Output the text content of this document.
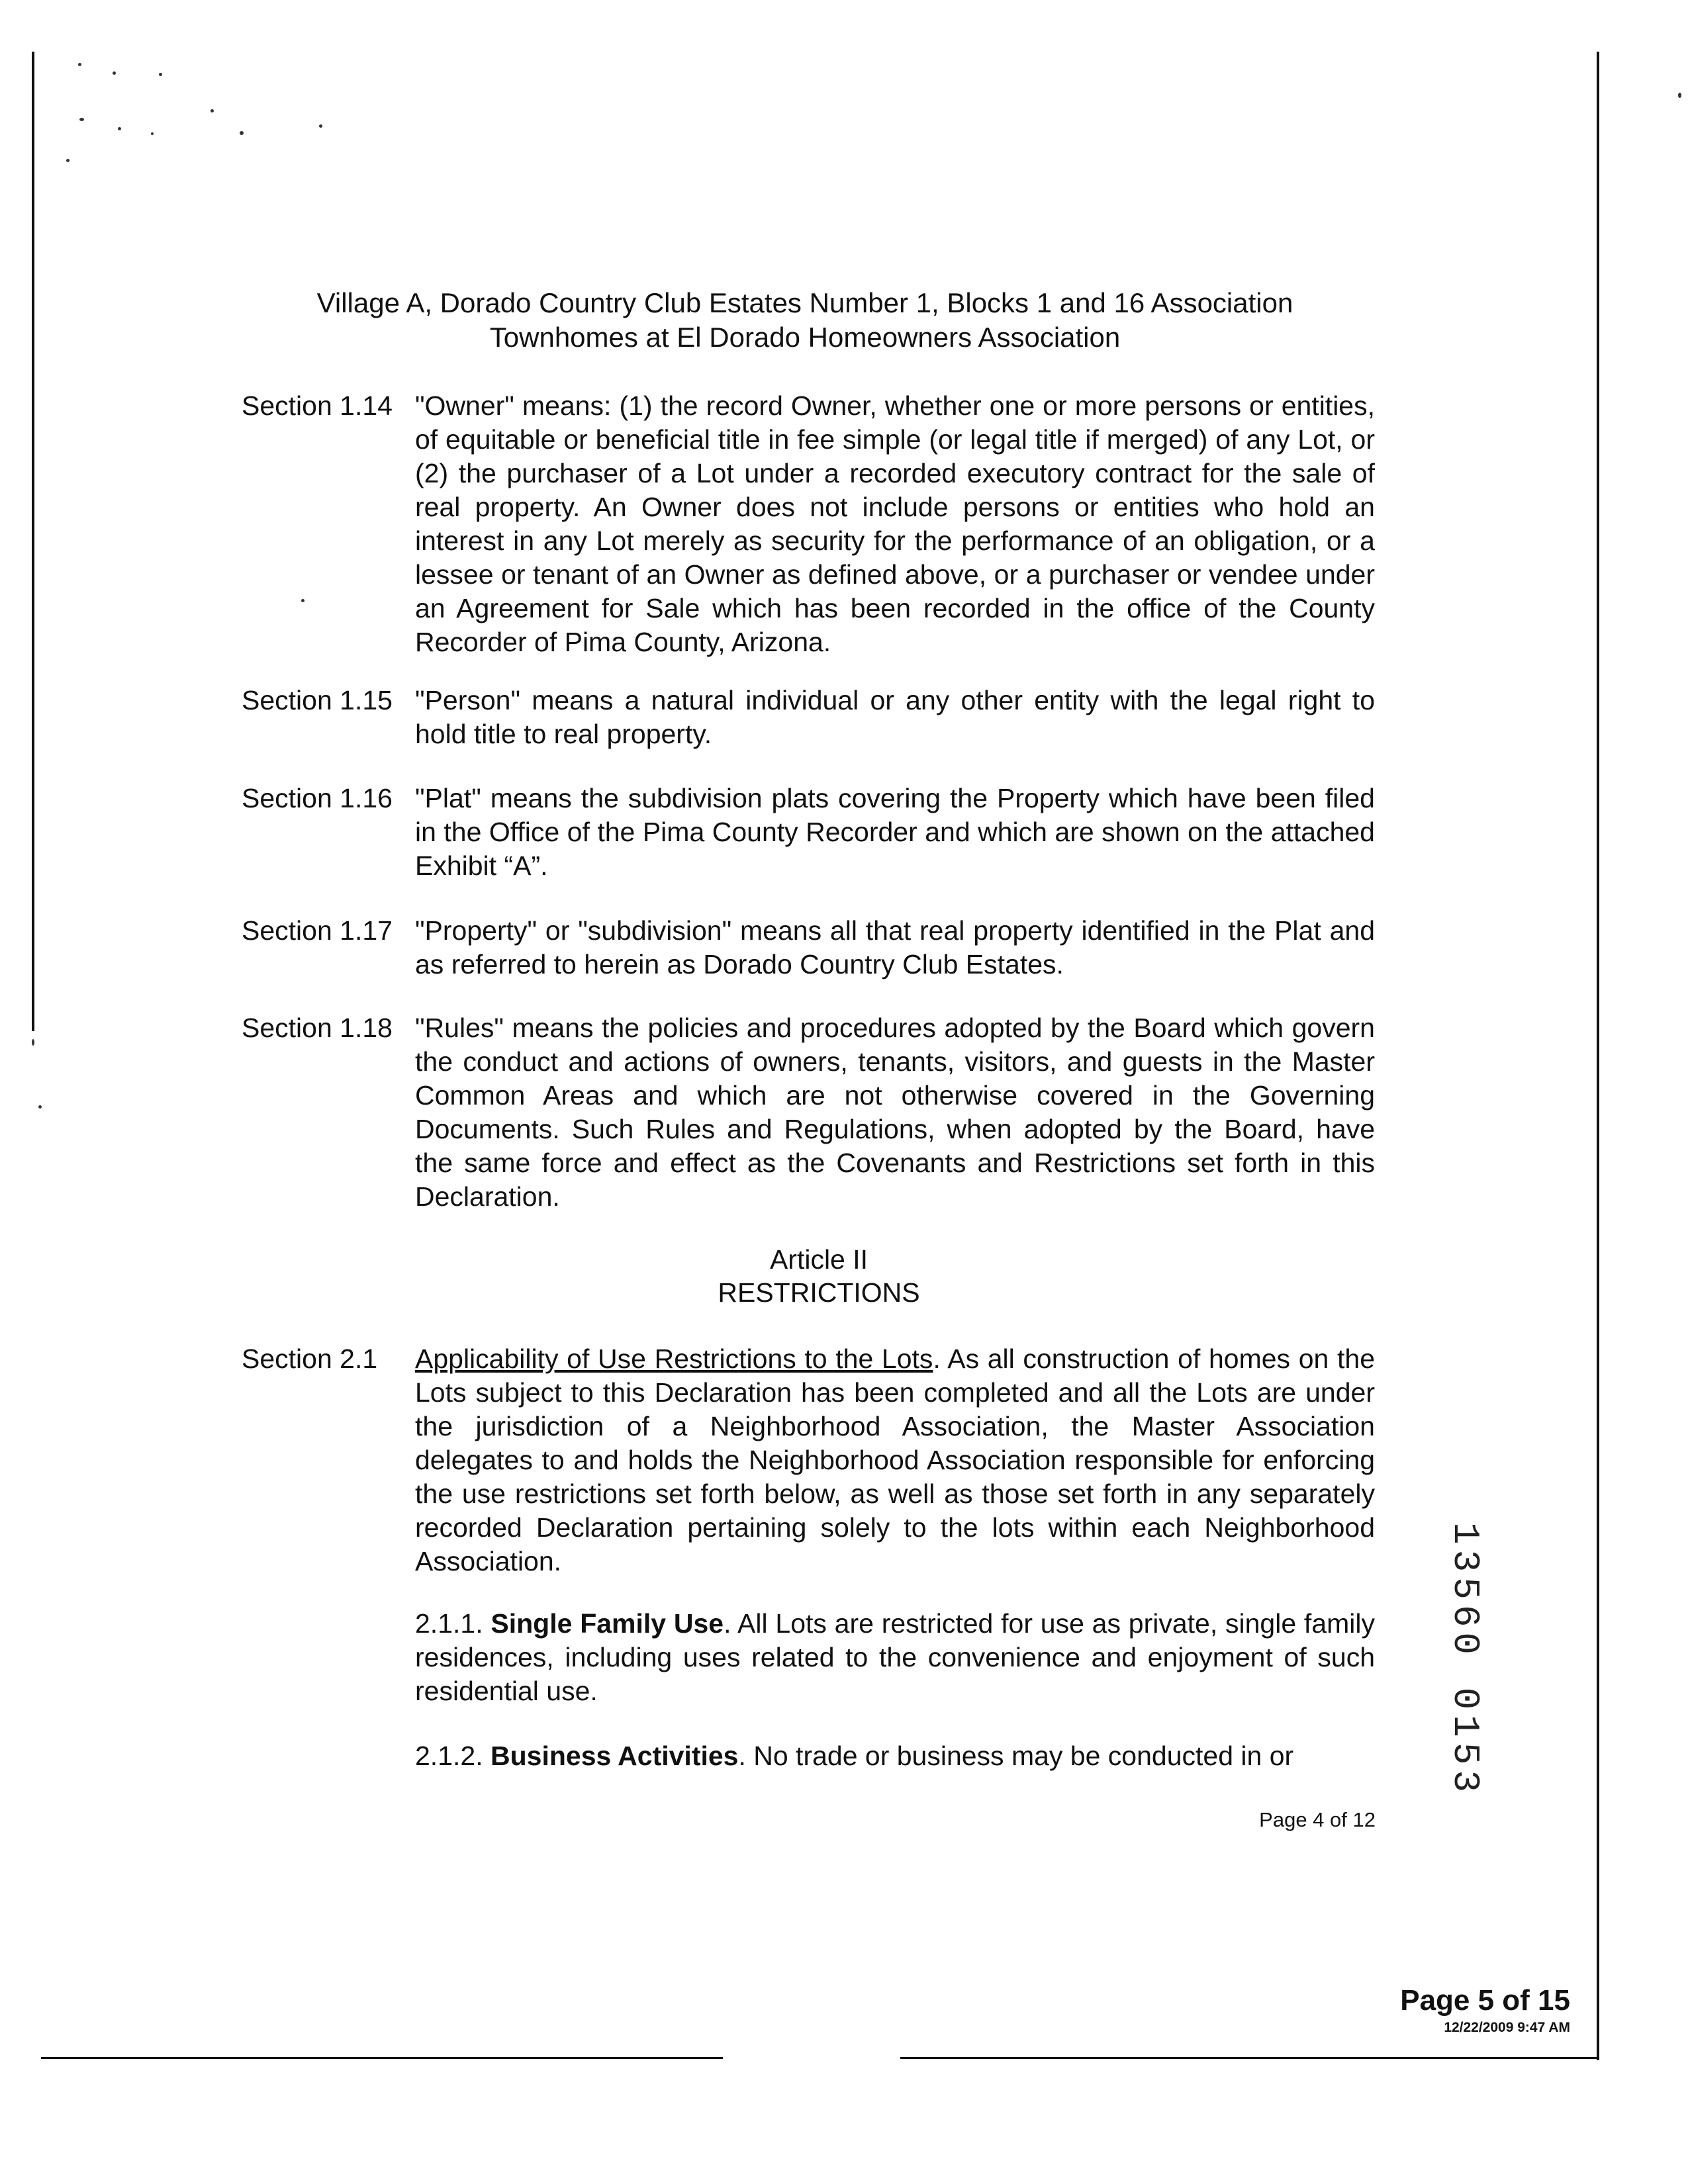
Village A, Dorado Country Club Estates Number 1, Blocks 1 and 16 Association
Townhomes at El Dorado Homeowners Association
Section 1.14 "Owner" means: (1) the record Owner, whether one or more persons or entities, of equitable or beneficial title in fee simple (or legal title if merged) of any Lot, or (2) the purchaser of a Lot under a recorded executory contract for the sale of real property. An Owner does not include persons or entities who hold an interest in any Lot merely as security for the performance of an obligation, or a lessee or tenant of an Owner as defined above, or a purchaser or vendee under an Agreement for Sale which has been recorded in the office of the County Recorder of Pima County, Arizona.
Section 1.15 "Person" means a natural individual or any other entity with the legal right to hold title to real property.
Section 1.16 "Plat" means the subdivision plats covering the Property which have been filed in the Office of the Pima County Recorder and which are shown on the attached Exhibit “A”.
Section 1.17 "Property" or "subdivision" means all that real property identified in the Plat and as referred to herein as Dorado Country Club Estates.
Section 1.18 "Rules" means the policies and procedures adopted by the Board which govern the conduct and actions of owners, tenants, visitors, and guests in the Master Common Areas and which are not otherwise covered in the Governing Documents. Such Rules and Regulations, when adopted by the Board, have the same force and effect as the Covenants and Restrictions set forth in this Declaration.
Article II
RESTRICTIONS
Section 2.1 Applicability of Use Restrictions to the Lots. As all construction of homes on the Lots subject to this Declaration has been completed and all the Lots are under the jurisdiction of a Neighborhood Association, the Master Association delegates to and holds the Neighborhood Association responsible for enforcing the use restrictions set forth below, as well as those set forth in any separately recorded Declaration pertaining solely to the lots within each Neighborhood Association.
2.1.1. Single Family Use. All Lots are restricted for use as private, single family residences, including uses related to the convenience and enjoyment of such residential use.
2.1.2. Business Activities. No trade or business may be conducted in or
Page 4 of 12
Page 5 of 15
12/22/2009 9:47 AM
13560 0153
